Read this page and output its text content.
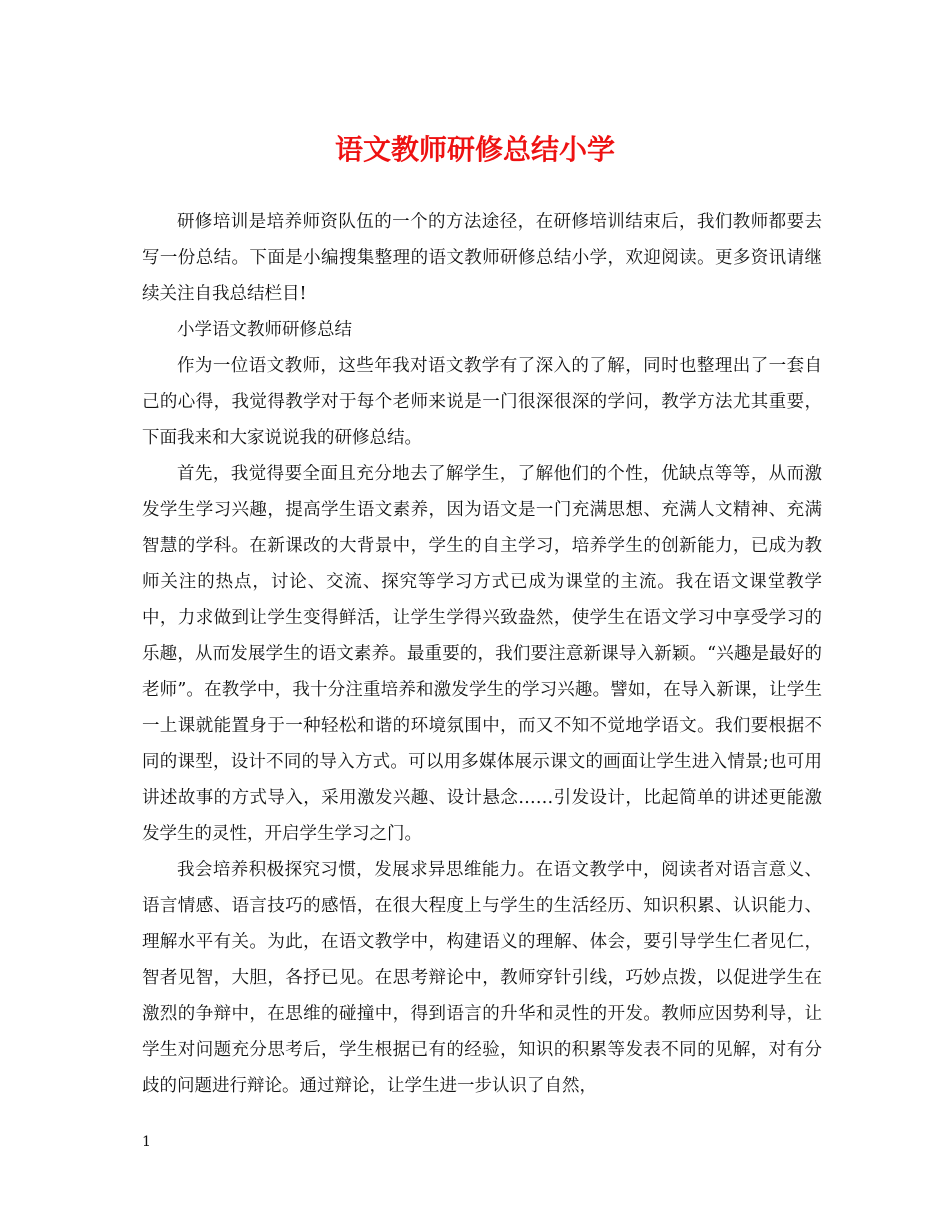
语文教师研修总结小学

研修培训是培养师资队伍的一个的方法途径，在研修培训结束后，我们教师都要去写一份总结。下面是小编搜集整理的语文教师研修总结小学，欢迎阅读。更多资讯请继续关注自我总结栏目!

小学语文教师研修总结

作为一位语文教师，这些年我对语文教学有了深入的了解，同时也整理出了一套自己的心得，我觉得教学对于每个老师来说是一门很深很深的学问，教学方法尤其重要，下面我来和大家说说我的研修总结。

首先，我觉得要全面且充分地去了解学生，了解他们的个性，优缺点等等，从而激发学生学习兴趣，提高学生语文素养，因为语文是一门充满思想、充满人文精神、充满智慧的学科。在新课改的大背景中，学生的自主学习，培养学生的创新能力，已成为教师关注的热点，讨论、交流、探究等学习方式已成为课堂的主流。我在语文课堂教学中，力求做到让学生变得鲜活，让学生学得兴致盎然，使学生在语文学习中享受学习的乐趣，从而发展学生的语文素养。最重要的，我们要注意新课导入新颖。“兴趣是最好的老师”。在教学中，我十分注重培养和激发学生的学习兴趣。譬如，在导入新课，让学生一上课就能置身于一种轻松和谐的环境氛围中，而又不知不觉地学语文。我们要根据不同的课型，设计不同的导入方式。可以用多媒体展示课文的画面让学生进入情景;也可用讲述故事的方式导入，采用激发兴趣、设计悬念……引发设计，比起简单的讲述更能激发学生的灵性，开启学生学习之门。

我会培养积极探究习惯，发展求异思维能力。在语文教学中，阅读者对语言意义、语言情感、语言技巧的感悟，在很大程度上与学生的生活经历、知识积累、认识能力、理解水平有关。为此，在语文教学中，构建语义的理解、体会，要引导学生仁者见仁，智者见智，大胆，各抒已见。在思考辩论中，教师穿针引线，巧妙点拨，以促进学生在激烈的争辩中，在思维的碰撞中，得到语言的升华和灵性的开发。教师应因势利导，让学生对问题充分思考后，学生根据已有的经验，知识的积累等发表不同的见解，对有分歧的问题进行辩论。通过辩论，让学生进一步认识了自然，

1
